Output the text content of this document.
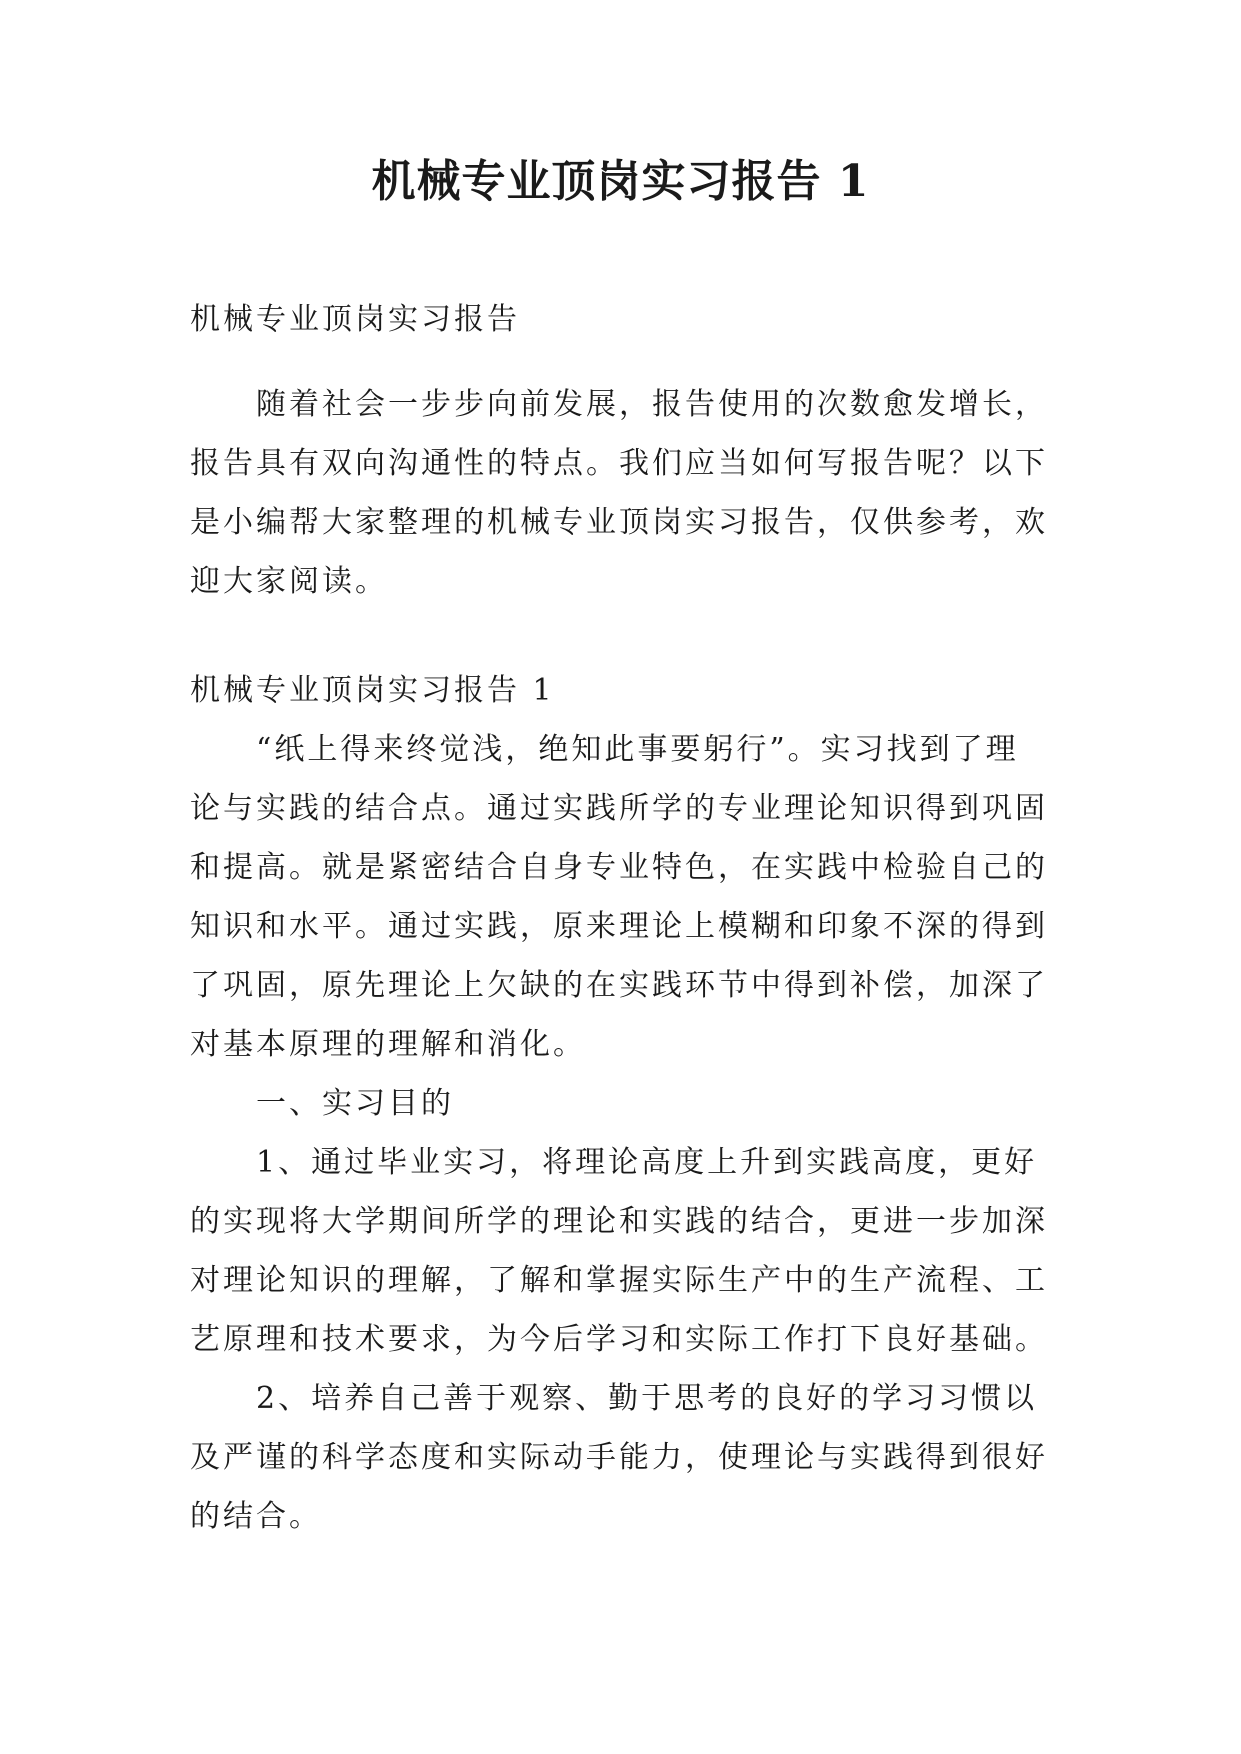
机械专业顶岗实习报告 1

机械专业顶岗实习报告

随着社会一步步向前发展，报告使用的次数愈发增长，

报告具有双向沟通性的特点。我们应当如何写报告呢？以下

是小编帮大家整理的机械专业顶岗实习报告，仅供参考，欢

迎大家阅读。

机械专业顶岗实习报告 1

“纸上得来终觉浅，绝知此事要躬行”。实习找到了理

论与实践的结合点。通过实践所学的专业理论知识得到巩固

和提高。就是紧密结合自身专业特色，在实践中检验自己的

知识和水平。通过实践，原来理论上模糊和印象不深的得到

了巩固，原先理论上欠缺的在实践环节中得到补偿，加深了

对基本原理的理解和消化。

一、实习目的

1、通过毕业实习，将理论高度上升到实践高度，更好

的实现将大学期间所学的理论和实践的结合，更进一步加深

对理论知识的理解，了解和掌握实际生产中的生产流程、工

艺原理和技术要求，为今后学习和实际工作打下良好基础。

2、培养自己善于观察、勤于思考的良好的学习习惯以

及严谨的科学态度和实际动手能力，使理论与实践得到很好

的结合。
